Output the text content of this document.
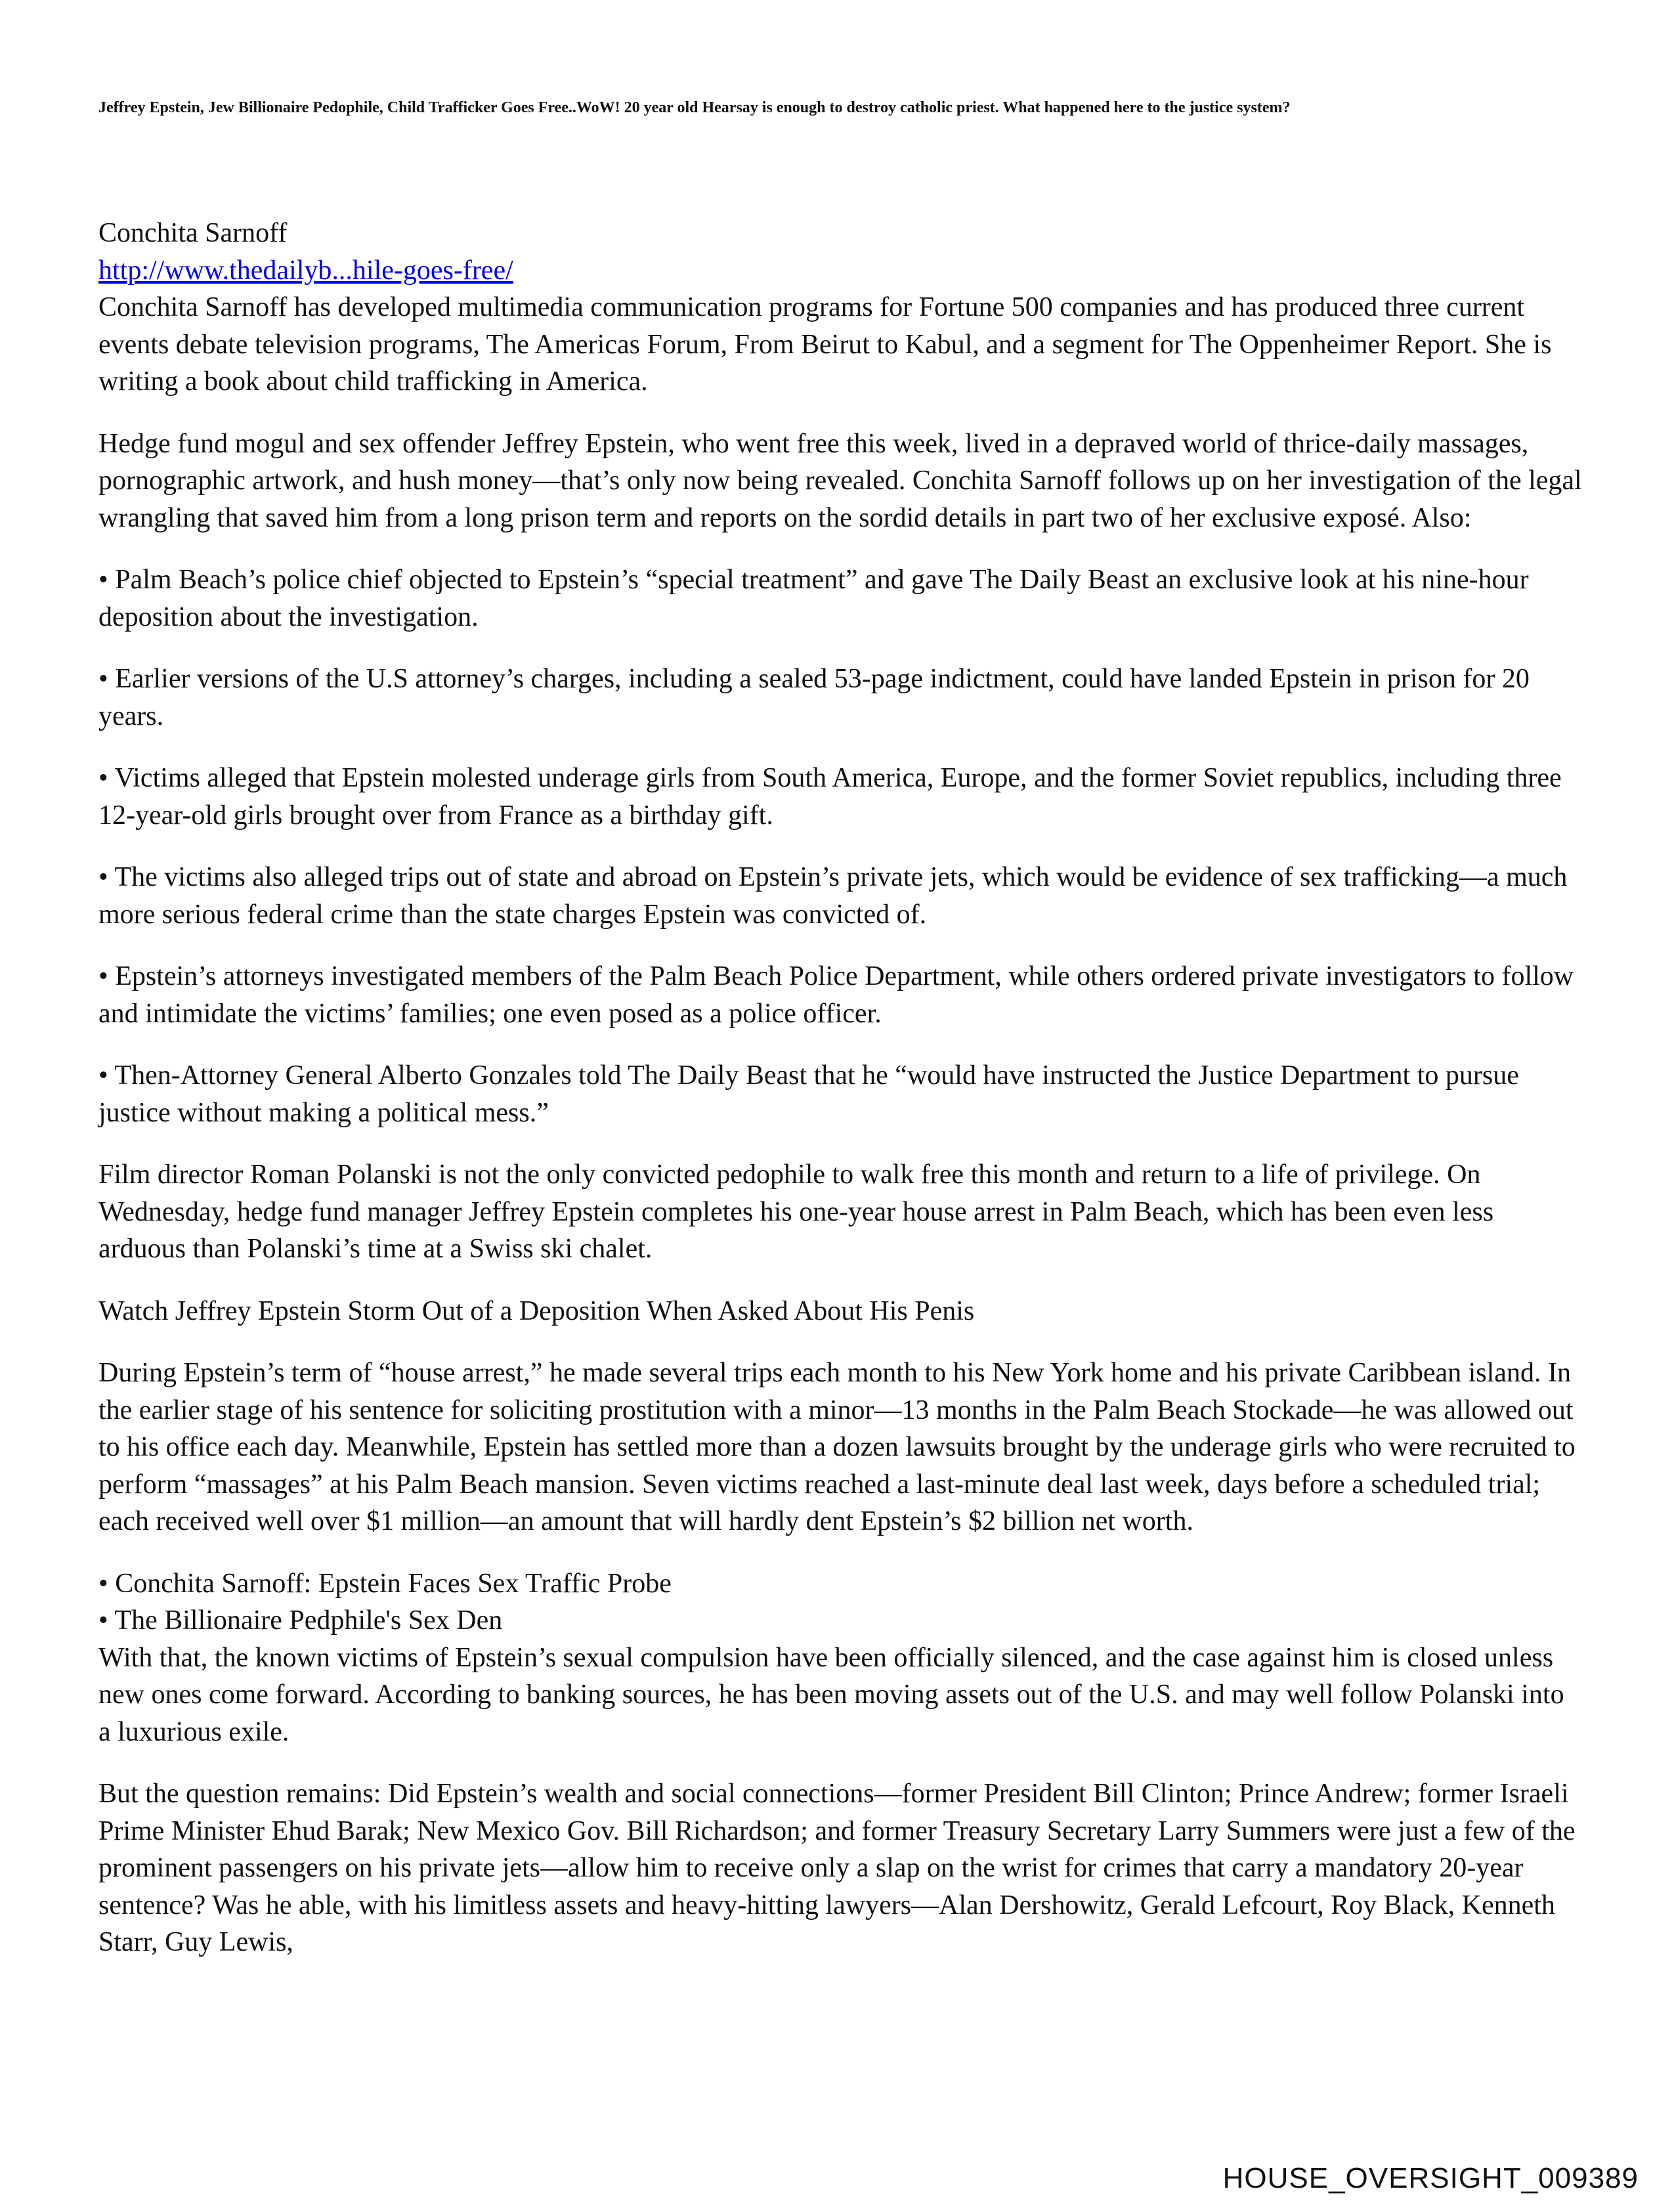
Jeffrey Epstein, Jew Billionaire Pedophile, Child Trafficker Goes Free..WoW! 20 year old Hearsay is enough to destroy catholic priest. What happened here to the justice system?

Conchita Sarnoff
http://www.thedailyb...hile-goes-free/
Conchita Sarnoff has developed multimedia communication programs for Fortune 500 companies and has produced three current events debate television programs, The Americas Forum, From Beirut to Kabul, and a segment for The Oppenheimer Report. She is writing a book about child trafficking in America.

Hedge fund mogul and sex offender Jeffrey Epstein, who went free this week, lived in a depraved world of thrice-daily massages, pornographic artwork, and hush money—that’s only now being revealed. Conchita Sarnoff follows up on her investigation of the legal wrangling that saved him from a long prison term and reports on the sordid details in part two of her exclusive exposé. Also:

• Palm Beach’s police chief objected to Epstein’s “special treatment” and gave The Daily Beast an exclusive look at his nine-hour deposition about the investigation.

• Earlier versions of the U.S attorney’s charges, including a sealed 53-page indictment, could have landed Epstein in prison for 20 years.

• Victims alleged that Epstein molested underage girls from South America, Europe, and the former Soviet republics, including three 12-year-old girls brought over from France as a birthday gift.

• The victims also alleged trips out of state and abroad on Epstein’s private jets, which would be evidence of sex trafficking—a much more serious federal crime than the state charges Epstein was convicted of.

• Epstein’s attorneys investigated members of the Palm Beach Police Department, while others ordered private investigators to follow and intimidate the victims’ families; one even posed as a police officer.

• Then-Attorney General Alberto Gonzales told The Daily Beast that he “would have instructed the Justice Department to pursue justice without making a political mess.”

Film director Roman Polanski is not the only convicted pedophile to walk free this month and return to a life of privilege. On Wednesday, hedge fund manager Jeffrey Epstein completes his one-year house arrest in Palm Beach, which has been even less arduous than Polanski’s time at a Swiss ski chalet.

Watch Jeffrey Epstein Storm Out of a Deposition When Asked About His Penis

During Epstein’s term of “house arrest,” he made several trips each month to his New York home and his private Caribbean island. In the earlier stage of his sentence for soliciting prostitution with a minor—13 months in the Palm Beach Stockade—he was allowed out to his office each day. Meanwhile, Epstein has settled more than a dozen lawsuits brought by the underage girls who were recruited to perform “massages” at his Palm Beach mansion. Seven victims reached a last-minute deal last week, days before a scheduled trial; each received well over $1 million—an amount that will hardly dent Epstein’s $2 billion net worth.

• Conchita Sarnoff: Epstein Faces Sex Traffic Probe
• The Billionaire Pedphile's Sex Den
With that, the known victims of Epstein’s sexual compulsion have been officially silenced, and the case against him is closed unless new ones come forward. According to banking sources, he has been moving assets out of the U.S. and may well follow Polanski into a luxurious exile.

But the question remains: Did Epstein’s wealth and social connections—former President Bill Clinton; Prince Andrew; former Israeli Prime Minister Ehud Barak; New Mexico Gov. Bill Richardson; and former Treasury Secretary Larry Summers were just a few of the prominent passengers on his private jets—allow him to receive only a slap on the wrist for crimes that carry a mandatory 20-year sentence? Was he able, with his limitless assets and heavy-hitting lawyers—Alan Dershowitz, Gerald Lefcourt, Roy Black, Kenneth Starr, Guy Lewis,

HOUSE_OVERSIGHT_009389
